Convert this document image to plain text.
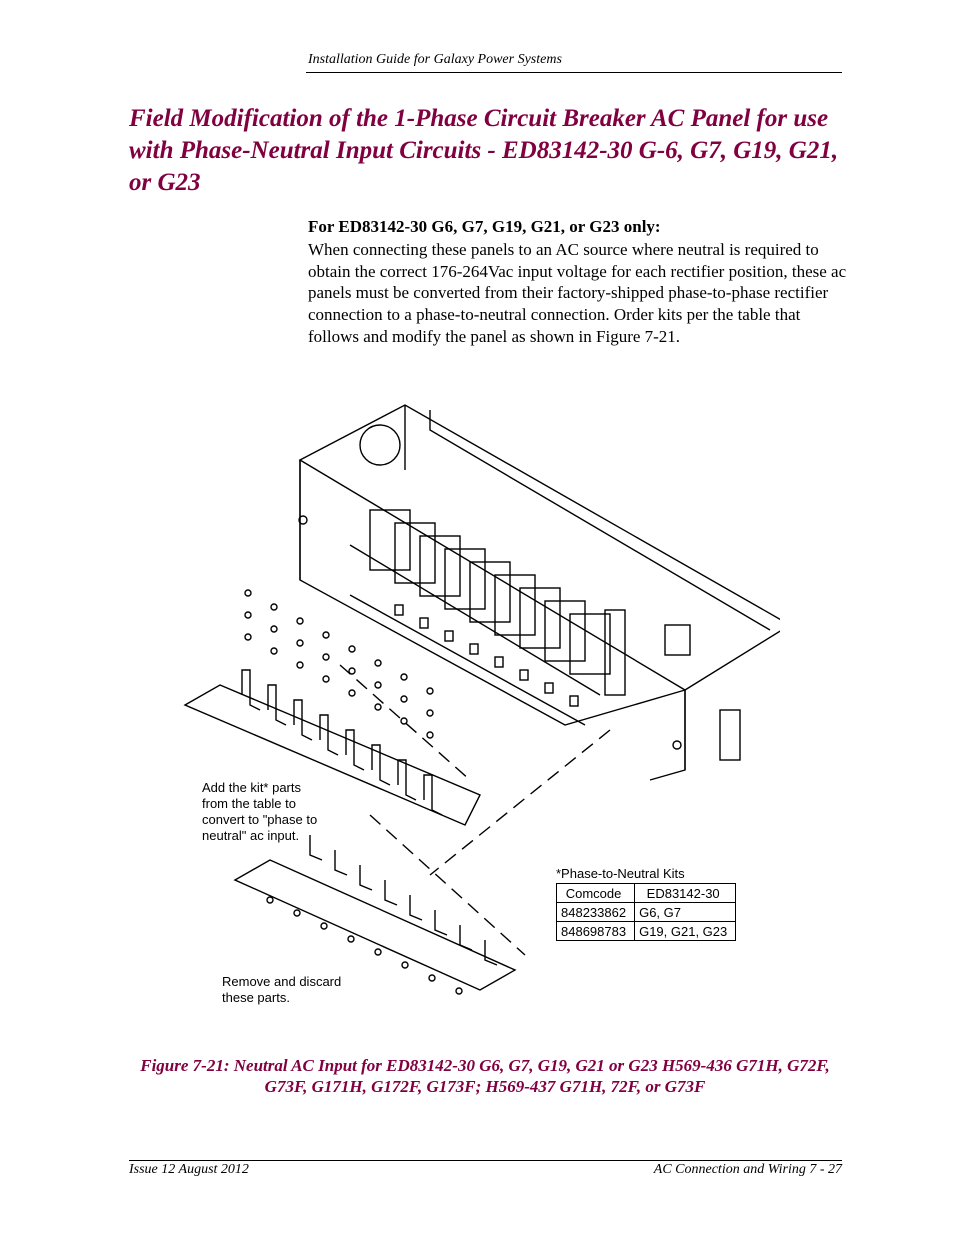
Installation Guide for Galaxy Power Systems
Field Modification of the 1-Phase Circuit Breaker AC Panel for use with Phase-Neutral Input Circuits - ED83142-30 G-6, G7, G19, G21, or G23
For ED83142-30 G6, G7, G19, G21, or G23 only:

When connecting these panels to an AC source where neutral is required to obtain the correct 176-264Vac input voltage for each rectifier position, these ac panels must be converted from their factory-shipped phase-to-phase rectifier connection to a phase-to-neutral connection. Order kits per the table that follows and modify the panel as shown in Figure 7-21.

Add the kit* parts
from the table to
convert to "phase to
neutral" ac input.
Remove and discard
these parts.
*Phase-to-Neutral Kits
Comcode	ED83142-30
848233862	G6, G7
848698783	G19, G21, G23

Figure 7-21: Neutral AC Input for ED83142-30 G6, G7, G19, G21 or G23 H569-436 G71H, G72F, G73F, G171H, G172F, G173F; H569-437 G71H, 72F, or G73F

Issue 12 August 2012	AC Connection and Wiring 7 - 27
